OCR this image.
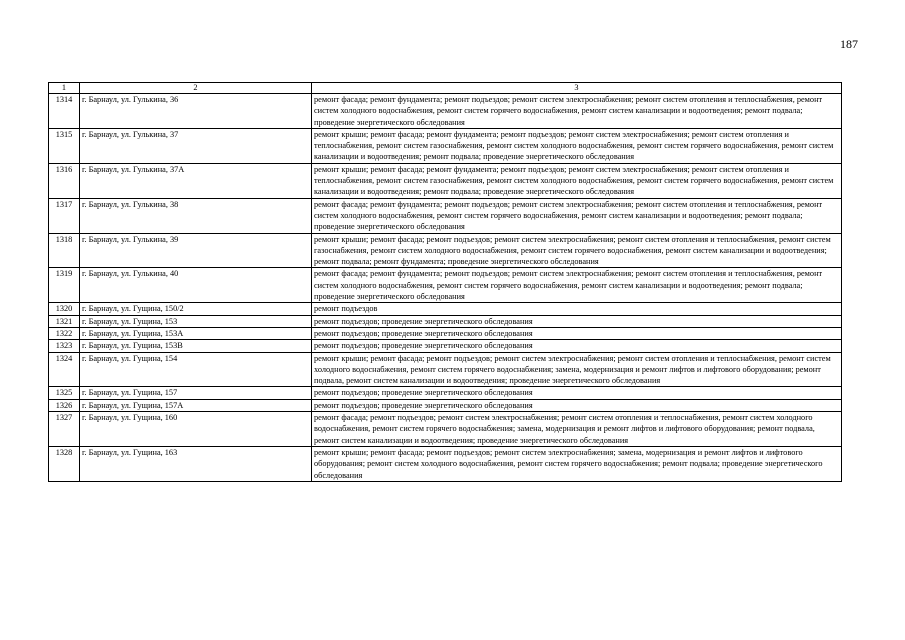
187
1	2	3
1314	г. Барнаул, ул. Гулькина, 36	ремонт фасада; ремонт фундамента; ремонт подъездов; ремонт систем электроснабжения; ремонт систем отопления и теплоснабжения, ремонт систем холодного водоснабжения, ремонт систем горячего водоснабжения, ремонт систем канализации и водоотведения; ремонт подвала; проведение энергетического обследования
1315	г. Барнаул, ул. Гулькина, 37	ремонт крыши; ремонт фасада; ремонт фундамента; ремонт подъездов; ремонт систем электроснабжения; ремонт систем отопления и теплоснабжения, ремонт систем газоснабжения, ремонт систем холодного водоснабжения, ремонт систем горячего водоснабжения, ремонт систем канализации и водоотведения; ремонт подвала; проведение энергетического обследования
1316	г. Барнаул, ул. Гулькина, 37А	ремонт крыши; ремонт фасада; ремонт фундамента; ремонт подъездов; ремонт систем электроснабжения; ремонт систем отопления и теплоснабжения, ремонт систем газоснабжения, ремонт систем холодного водоснабжения, ремонт систем горячего водоснабжения, ремонт систем канализации и водоотведения; ремонт подвала; проведение энергетического обследования
1317	г. Барнаул, ул. Гулькина, 38	ремонт фасада; ремонт фундамента; ремонт подъездов; ремонт систем электроснабжения; ремонт систем отопления и теплоснабжения, ремонт систем холодного водоснабжения, ремонт систем горячего водоснабжения, ремонт систем канализации и водоотведения; ремонт подвала; проведение энергетического обследования
1318	г. Барнаул, ул. Гулькина, 39	ремонт крыши; ремонт фасада; ремонт подъездов; ремонт систем электроснабжения; ремонт систем отопления и теплоснабжения, ремонт систем газоснабжения, ремонт систем холодного водоснабжения, ремонт систем горячего водоснабжения, ремонт систем канализации и водоотведения; ремонт подвала; ремонт фундамента; проведение энергетического обследования
1319	г. Барнаул, ул. Гулькина, 40	ремонт фасада; ремонт фундамента; ремонт подъездов; ремонт систем электроснабжения; ремонт систем отопления и теплоснабжения, ремонт систем холодного водоснабжения, ремонт систем горячего водоснабжения, ремонт систем канализации и водоотведения; ремонт подвала; проведение энергетического обследования
1320	г. Барнаул, ул. Гущина, 150/2	ремонт подъездов
1321	г. Барнаул, ул. Гущина, 153	ремонт подъездов; проведение энергетического обследования
1322	г. Барнаул, ул. Гущина, 153А	ремонт подъездов; проведение энергетического обследования
1323	г. Барнаул, ул. Гущина, 153В	ремонт подъездов; проведение энергетического обследования
1324	г. Барнаул, ул. Гущина, 154	ремонт крыши; ремонт фасада; ремонт подъездов; ремонт систем электроснабжения; ремонт систем отопления и теплоснабжения, ремонт систем холодного водоснабжения, ремонт систем горячего водоснабжения; замена, модернизация и ремонт лифтов и лифтового оборудования; ремонт подвала, ремонт систем канализации и водоотведения; проведение энергетического обследования
1325	г. Барнаул, ул. Гущина, 157	ремонт подъездов; проведение энергетического обследования
1326	г. Барнаул, ул. Гущина, 157А	ремонт подъездов; проведение энергетического обследования
1327	г. Барнаул, ул. Гущина, 160	ремонт фасада; ремонт подъездов; ремонт систем электроснабжения; ремонт систем отопления и теплоснабжения, ремонт систем холодного водоснабжения, ремонт систем горячего водоснабжения; замена, модернизация и ремонт лифтов и лифтового оборудования; ремонт подвала, ремонт систем канализации и водоотведения; проведение энергетического обследования
1328	г. Барнаул, ул. Гущина, 163	ремонт крыши; ремонт фасада; ремонт подъездов; ремонт систем электроснабжения; замена, модернизация и ремонт лифтов и лифтового оборудования; ремонт систем холодного водоснабжения, ремонт систем горячего водоснабжения; ремонт подвала; проведение энергетического обследования
